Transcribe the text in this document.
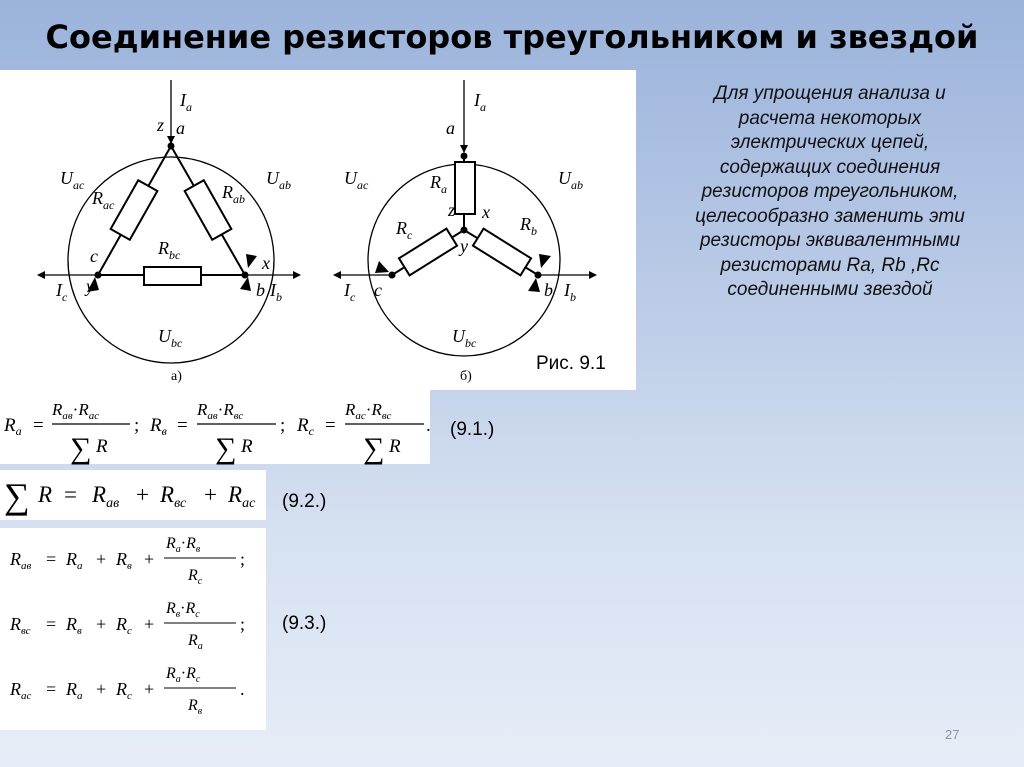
Соединение резисторов треугольником и звездой
$I_a$
z a
$U_{ac}$	$U_{ab}$
$R_{ac}$
$R_{ab}$
$R_{bc}$
c
y
x
b
$I_c$	$I_b$
$U_{bc}$
а)
$I_a$
a
$U_{ac}$	$U_{ab}$
$R_a$
z x
y
$R_c$
$R_b$
$I_c$ c	b $I_b$
$U_{bc}$
б)
Рис. 9.1
Для упрощения анализа и
расчета некоторых
электрических цепей,
содержащих соединения
резисторов треугольником,
целесообразно заменить эти
резисторы эквивалентными
резисторами Ra, Rb ,Rc
соединенными звездой
$R_a$ =
$R_{ав}\cdot R_{ac}$
∑ R
; $R_в$ =
$R_{ав}\cdot R_{вс}$
∑ R
; $R_c$ =
$R_{ac}\cdot R_{вс}$
∑ R
. (9.1.)
∑ $R = R_{ав} + R_{вс} + R_{ac}$ (9.2.)
$R_{ав} = R_a + R_в$ +
$R_a\cdot R_в$
$R_c$
;
$R_{вс} = R_в + R_c$ +
$R_в\cdot R_c$
$R_a$
;
$R_{ac} = R_a + R_c$ +
$R_a\cdot R_c$
$R_в$
.
(9.3.)
27
